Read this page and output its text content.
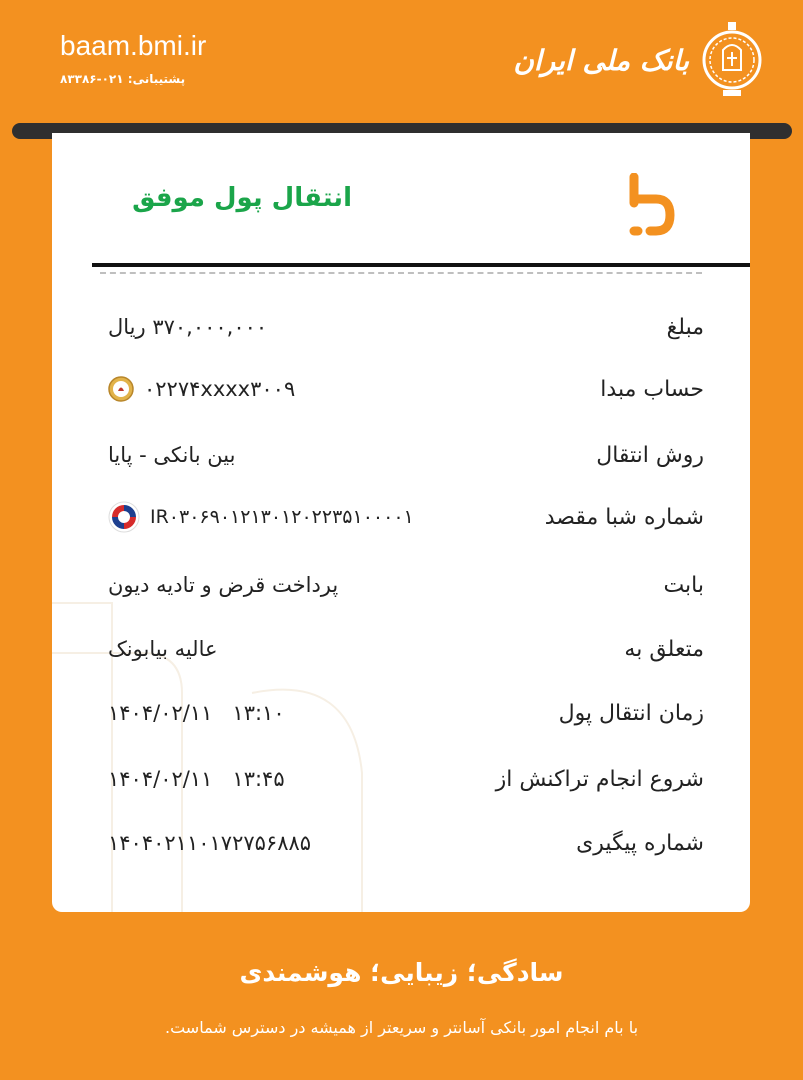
baam.bmi.ir
پشتیبانی: ۰۲۱-۸۳۳۸۶
بانک ملی ایران
انتقال پول موفق
مبلغ
۳۷۰,۰۰۰,۰۰۰ ریال
حساب مبدا
۰۲۲۷۴xxxx۳۰۰۹
روش انتقال
بین بانکی - پایا
شماره شبا مقصد
IR۰۳۰۶۹۰۱۲۱۳۰۱۲۰۲۲۳۵۱۰۰۰۰۱
بابت
پرداخت قرض و تادیه دیون
متعلق به
عالیه بیابونک
زمان انتقال پول
۱۴۰۴/۰۲/۱۱   ۱۳:۱۰
شروع انجام تراکنش از
۱۴۰۴/۰۲/۱۱   ۱۳:۴۵
شماره پیگیری
۱۴۰۴۰۲۱۱۰۱۷۲۷۵۶۸۸۵
سادگی؛ زیبایی؛ هوشمندی
با بام انجام امور بانکی آسانتر و سریعتر از همیشه در دسترس شماست.
